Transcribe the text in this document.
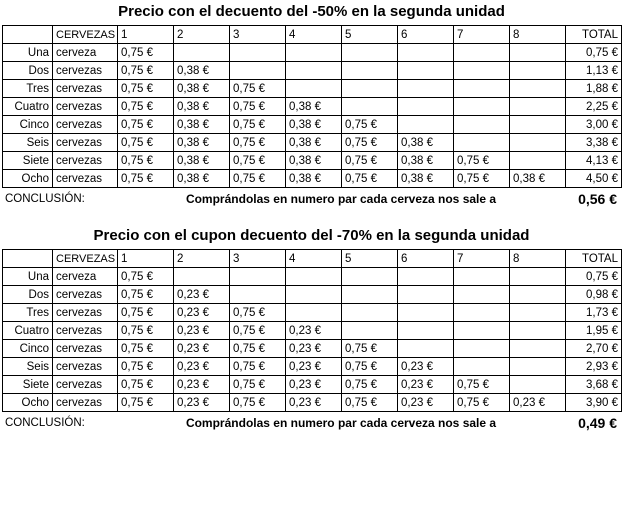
Precio con el decuento del -50% en la segunda unidad
	CERVEZAS	1	2	3	4	5	6	7	8	TOTAL
Una	cerveza	0,75 €								0,75 €
Dos	cervezas	0,75 €	0,38 €							1,13 €
Tres	cervezas	0,75 €	0,38 €	0,75 €						1,88 €
Cuatro	cervezas	0,75 €	0,38 €	0,75 €	0,38 €					2,25 €
Cinco	cervezas	0,75 €	0,38 €	0,75 €	0,38 €	0,75 €				3,00 €
Seis	cervezas	0,75 €	0,38 €	0,75 €	0,38 €	0,75 €	0,38 €			3,38 €
Siete	cervezas	0,75 €	0,38 €	0,75 €	0,38 €	0,75 €	0,38 €	0,75 €		4,13 €
Ocho	cervezas	0,75 €	0,38 €	0,75 €	0,38 €	0,75 €	0,38 €	0,75 €	0,38 €	4,50 €
CONCLUSIÓN:	Comprándolas en numero par cada cerveza nos sale a	0,56 €
Precio con el cupon decuento del -70% en la segunda unidad
	CERVEZAS	1	2	3	4	5	6	7	8	TOTAL
Una	cerveza	0,75 €								0,75 €
Dos	cervezas	0,75 €	0,23 €							0,98 €
Tres	cervezas	0,75 €	0,23 €	0,75 €						1,73 €
Cuatro	cervezas	0,75 €	0,23 €	0,75 €	0,23 €					1,95 €
Cinco	cervezas	0,75 €	0,23 €	0,75 €	0,23 €	0,75 €				2,70 €
Seis	cervezas	0,75 €	0,23 €	0,75 €	0,23 €	0,75 €	0,23 €			2,93 €
Siete	cervezas	0,75 €	0,23 €	0,75 €	0,23 €	0,75 €	0,23 €	0,75 €		3,68 €
Ocho	cervezas	0,75 €	0,23 €	0,75 €	0,23 €	0,75 €	0,23 €	0,75 €	0,23 €	3,90 €
CONCLUSIÓN:	Comprándolas en numero par cada cerveza nos sale a	0,49 €
